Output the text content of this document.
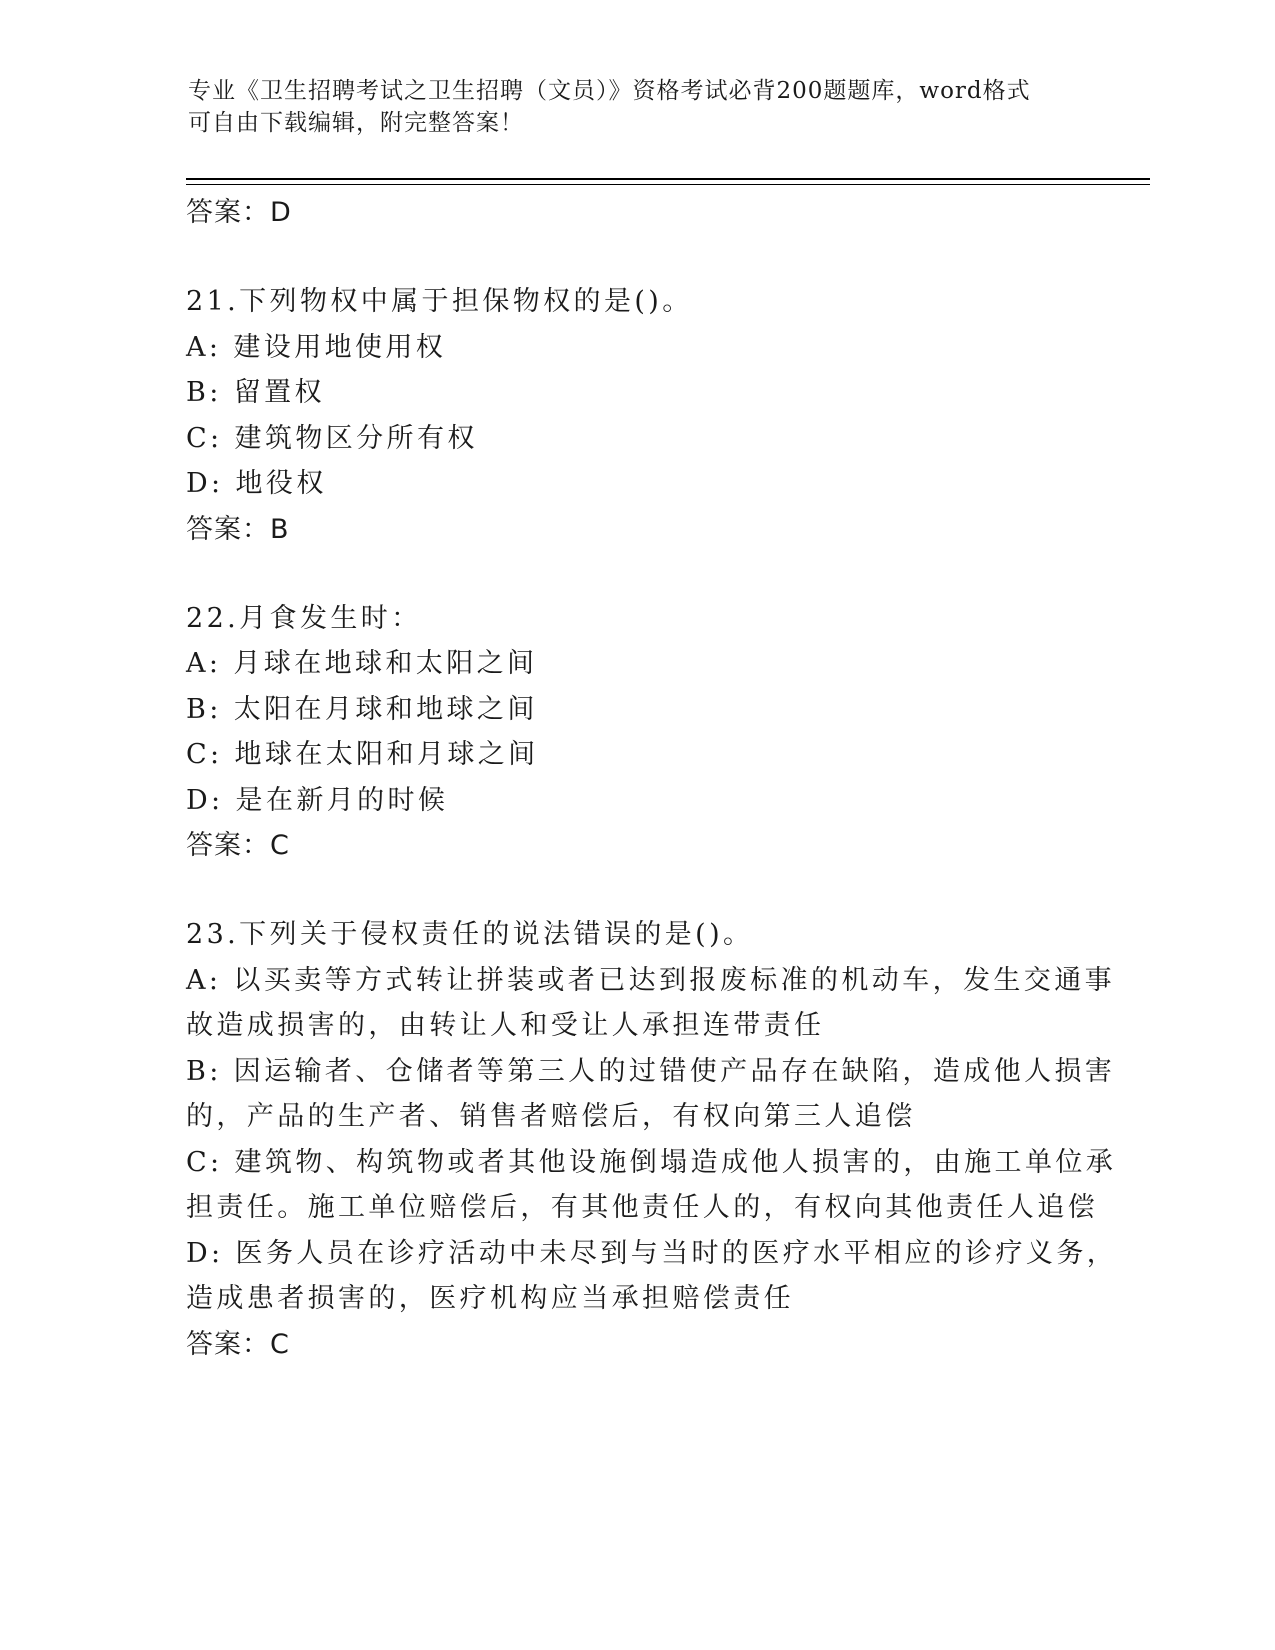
专业《卫生招聘考试之卫生招聘（文员）》资格考试必背200题题库，word格式
可自由下载编辑，附完整答案！
答案：D
21.下列物权中属于担保物权的是()。
A: 建设用地使用权
B: 留置权
C: 建筑物区分所有权
D: 地役权
答案：B
22.月食发生时：
A: 月球在地球和太阳之间
B: 太阳在月球和地球之间
C: 地球在太阳和月球之间
D: 是在新月的时候
答案：C
23.下列关于侵权责任的说法错误的是()。
A: 以买卖等方式转让拼装或者已达到报废标准的机动车，发生交通事
故造成损害的，由转让人和受让人承担连带责任
B: 因运输者、仓储者等第三人的过错使产品存在缺陷，造成他人损害
的，产品的生产者、销售者赔偿后，有权向第三人追偿
C: 建筑物、构筑物或者其他设施倒塌造成他人损害的，由施工单位承
担责任。施工单位赔偿后，有其他责任人的，有权向其他责任人追偿
D: 医务人员在诊疗活动中未尽到与当时的医疗水平相应的诊疗义务，
造成患者损害的，医疗机构应当承担赔偿责任
答案：C
